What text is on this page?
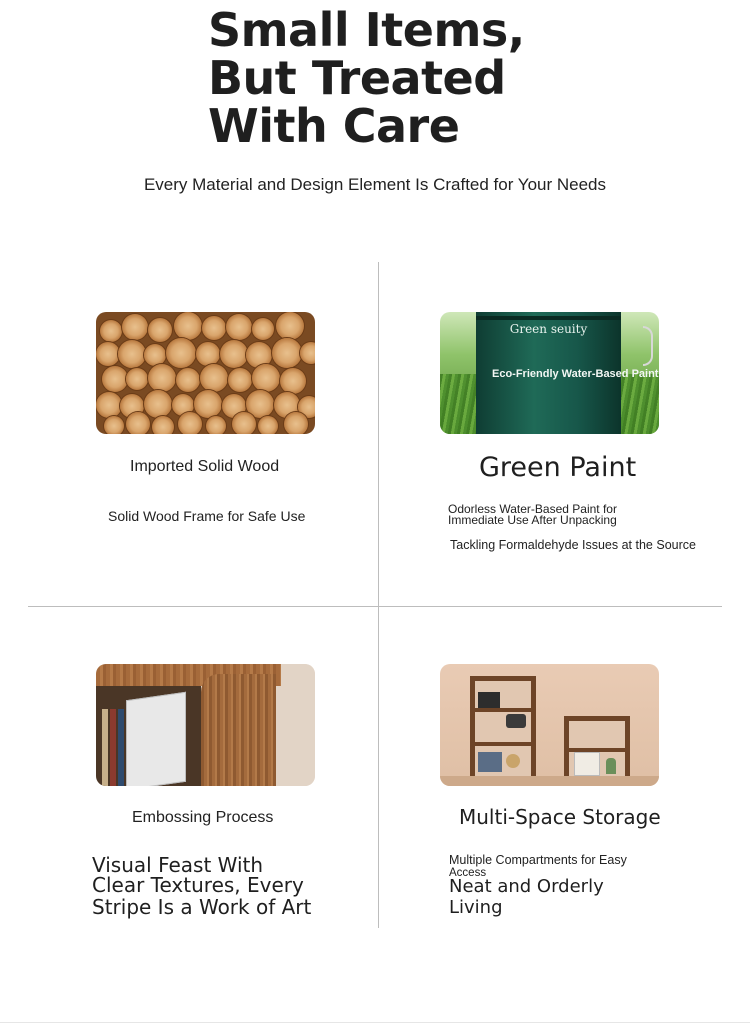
Small Items,
But Treated
With Care
Every Material and Design Element Is Crafted for Your Needs
Imported Solid Wood
Solid Wood Frame for Safe Use
Green seuity
Eco-Friendly Water-Based Paint
Green Paint
Odorless Water-Based Paint for
Immediate Use After Unpacking
Tackling Formaldehyde Issues at the Source
Embossing Process
Visual Feast With
Clear Textures, Every
Stripe Is a Work of Art
Multi-Space Storage
Multiple Compartments for Easy
Access
Neat and Orderly
Living
